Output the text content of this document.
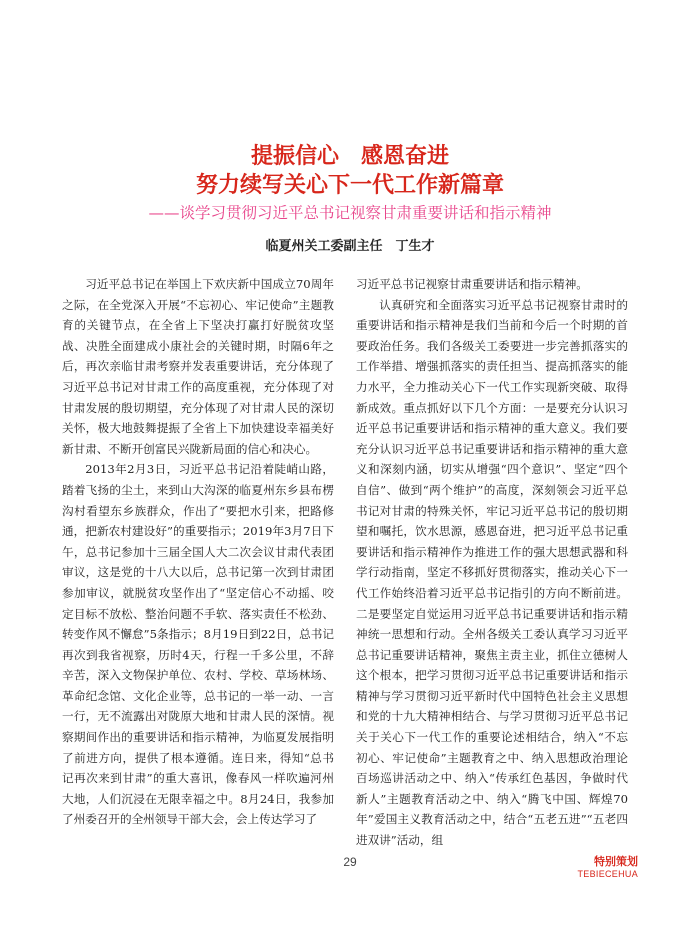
提振信心　感恩奋进
努力续写关心下一代工作新篇章
——谈学习贯彻习近平总书记视察甘肃重要讲话和指示精神
临夏州关工委副主任　丁生才

习近平总书记在举国上下欢庆新中国成立70周年之际，在全党深入开展“不忘初心、牢记使命”主题教育的关键节点，在全省上下坚决打赢打好脱贫攻坚战、决胜全面建成小康社会的关键时期，时隔6年之后，再次亲临甘肃考察并发表重要讲话，充分体现了习近平总书记对甘肃工作的高度重视，充分体现了对甘肃发展的殷切期望，充分体现了对甘肃人民的深切关怀，极大地鼓舞提振了全省上下加快建设幸福美好新甘肃、不断开创富民兴陇新局面的信心和决心。

2013年2月3日，习近平总书记沿着陡峭山路，踏着飞扬的尘土，来到山大沟深的临夏州东乡县布楞沟村看望东乡族群众，作出了“要把水引来，把路修通，把新农村建设好”的重要指示；2019年3月7日下午，总书记参加十三届全国人大二次会议甘肃代表团审议，这是党的十八大以后，总书记第一次到甘肃团参加审议，就脱贫攻坚作出了“坚定信心不动摇、咬定目标不放松、整治问题不手软、落实责任不松劲、转变作风不懈怠”5条指示；8月19日到22日，总书记再次到我省视察，历时4天，行程一千多公里，不辞辛苦，深入文物保护单位、农村、学校、草场林场、革命纪念馆、文化企业等，总书记的一举一动、一言一行，无不流露出对陇原大地和甘肃人民的深情。视察期间作出的重要讲话和指示精神，为临夏发展指明了前进方向，提供了根本遵循。连日来，得知“总书记再次来到甘肃”的重大喜讯，像春风一样吹遍河州大地，人们沉浸在无限幸福之中。8月24日，我参加了州委召开的全州领导干部大会，会上传达学习了

习近平总书记视察甘肃重要讲话和指示精神。

认真研究和全面落实习近平总书记视察甘肃时的重要讲话和指示精神是我们当前和今后一个时期的首要政治任务。我们各级关工委要进一步完善抓落实的工作举措、增强抓落实的责任担当、提高抓落实的能力水平，全力推动关心下一代工作实现新突破、取得新成效。重点抓好以下几个方面：一是要充分认识习近平总书记重要讲话和指示精神的重大意义。我们要充分认识习近平总书记重要讲话和指示精神的重大意义和深刻内涵，切实从增强“四个意识”、坚定“四个自信”、做到“两个维护”的高度，深刻领会习近平总书记对甘肃的特殊关怀，牢记习近平总书记的殷切期望和嘱托，饮水思源，感恩奋进，把习近平总书记重要讲话和指示精神作为推进工作的强大思想武器和科学行动指南，坚定不移抓好贯彻落实，推动关心下一代工作始终沿着习近平总书记指引的方向不断前进。二是要坚定自觉运用习近平总书记重要讲话和指示精神统一思想和行动。全州各级关工委认真学习习近平总书记重要讲话精神，聚焦主责主业，抓住立德树人这个根本，把学习贯彻习近平总书记重要讲话和指示精神与学习贯彻习近平新时代中国特色社会主义思想和党的十九大精神相结合、与学习贯彻习近平总书记关于关心下一代工作的重要论述相结合，纳入“不忘初心、牢记使命”主题教育之中、纳入思想政治理论百场巡讲活动之中、纳入“传承红色基因，争做时代新人”主题教育活动之中、纳入“腾飞中国、辉煌70年”爱国主义教育活动之中，结合“五老五进”“五老四进双讲”活动，组

29	特别策划
TEBIECEHUA
